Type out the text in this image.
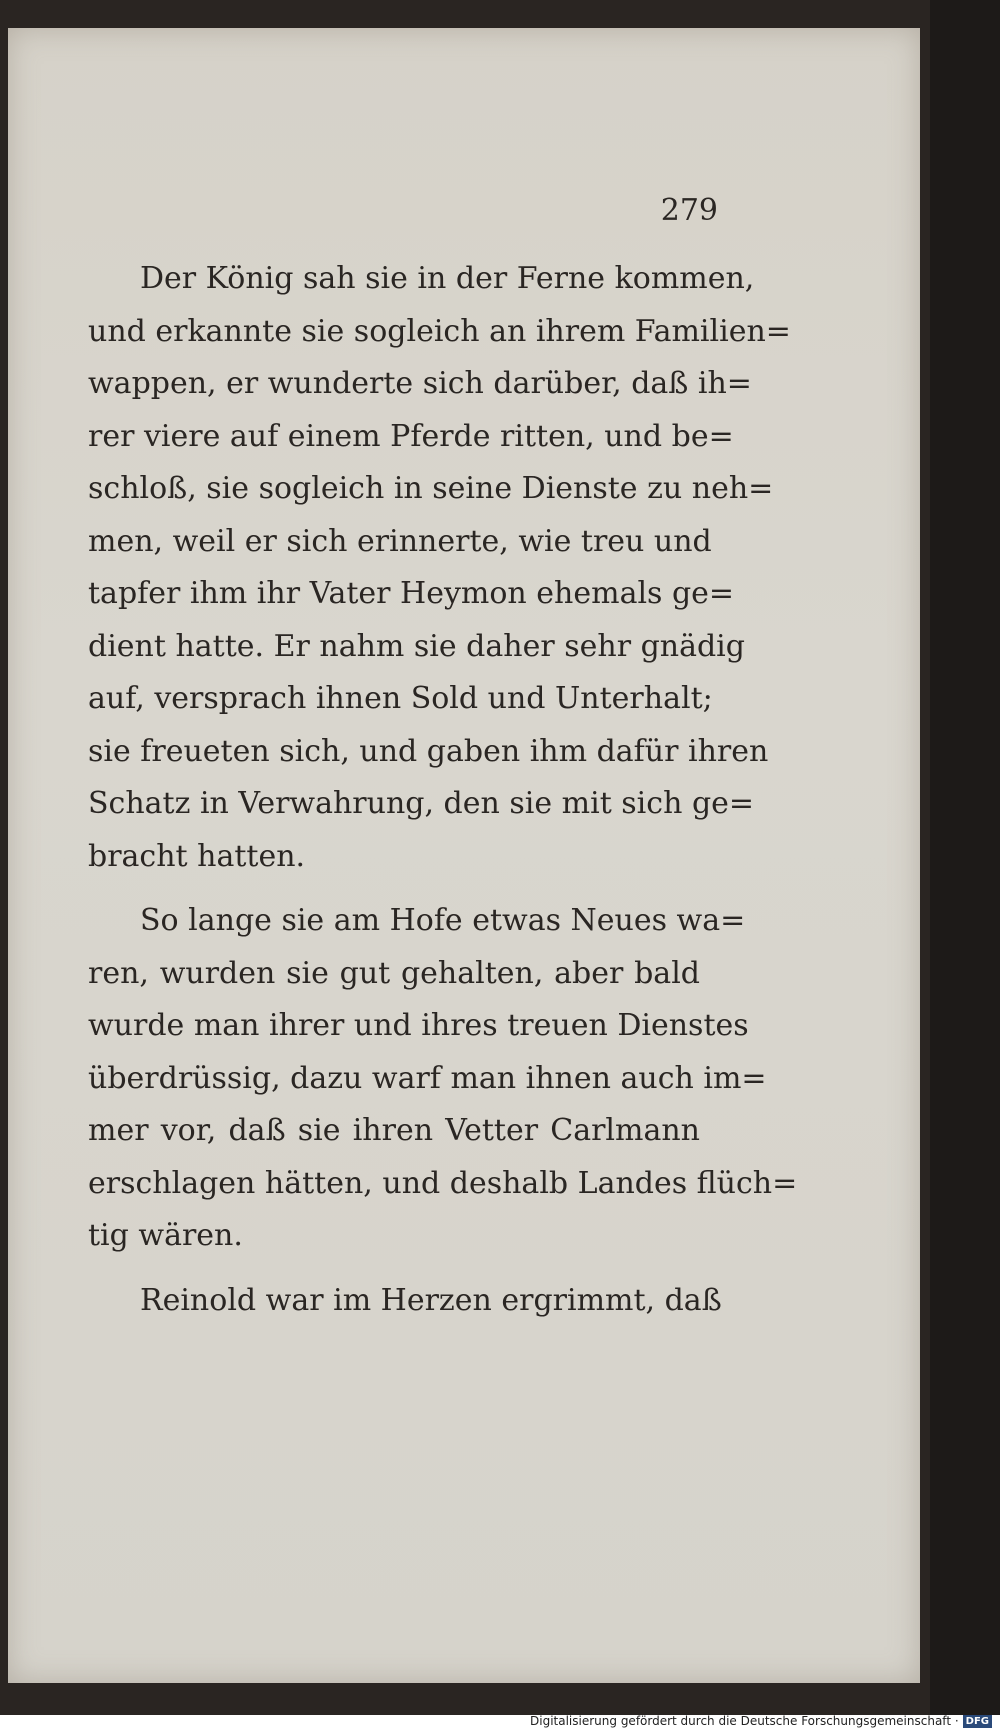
279
Der König sah sie in der Ferne kommen,
und erkannte sie sogleich an ihrem Familien=
wappen, er wunderte sich darüber, daß ih=
rer viere auf einem Pferde ritten, und be=
schloß, sie sogleich in seine Dienste zu neh=
men, weil er sich erinnerte, wie treu und
tapfer ihm ihr Vater Heymon ehemals ge=
dient hatte. Er nahm sie daher sehr gnädig
auf, versprach ihnen Sold und Unterhalt;
sie freueten sich, und gaben ihm dafür ihren
Schatz in Verwahrung, den sie mit sich ge=
bracht hatten.
So lange sie am Hofe etwas Neues wa=
ren, wurden sie gut gehalten, aber bald
wurde man ihrer und ihres treuen Dienstes
überdrüssig, dazu warf man ihnen auch im=
mer vor, daß sie ihren Vetter Carlmann
erschlagen hätten, und deshalb Landes flüch=
tig wären.
Reinold war im Herzen ergrimmt, daß
Digitalisierung gefördert durch die Deutsche Forschungsgemeinschaft · DFG
